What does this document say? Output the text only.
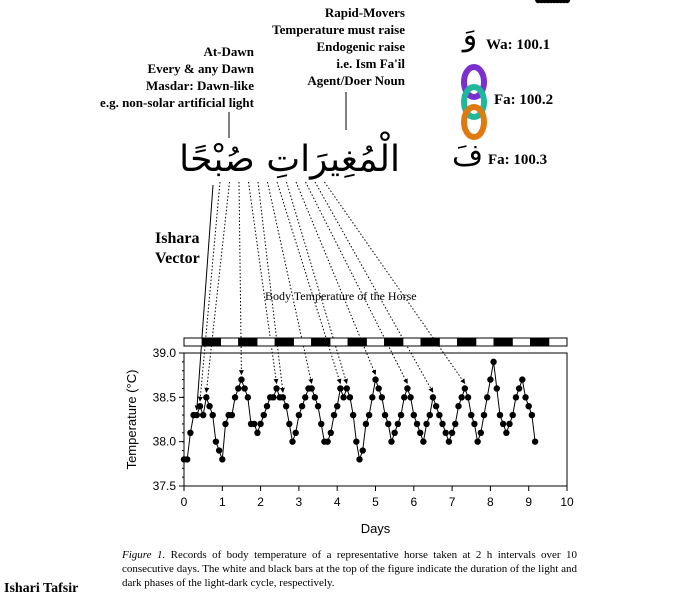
At-Dawn
Every & any Dawn
Masdar: Dawn-like
e.g. non-solar artificial light
Rapid-Movers
Temperature must raise
Endogenic raise
i.e. Ism Fa'il
Agent/Doer Noun
الْمُغِيرَاتِ صُبْحًا
وَ Wa: 100.1
Fa: 100.2
فَ Fa: 100.3
Ishara
Vector
Body Temperature of the Horse
0	1	2	3	4	5	6	7	8	9 10
37.5
38.0
38.5
39.0
Days
Temperature (°C)
Figure 1. Records of body temperature of a representative horse taken at 2 h intervals over 10 consecutive days. The white and black bars at the top of the figure indicate the duration of the light and dark phases of the light-dark cycle, respectively.
Ishari Tafsir
